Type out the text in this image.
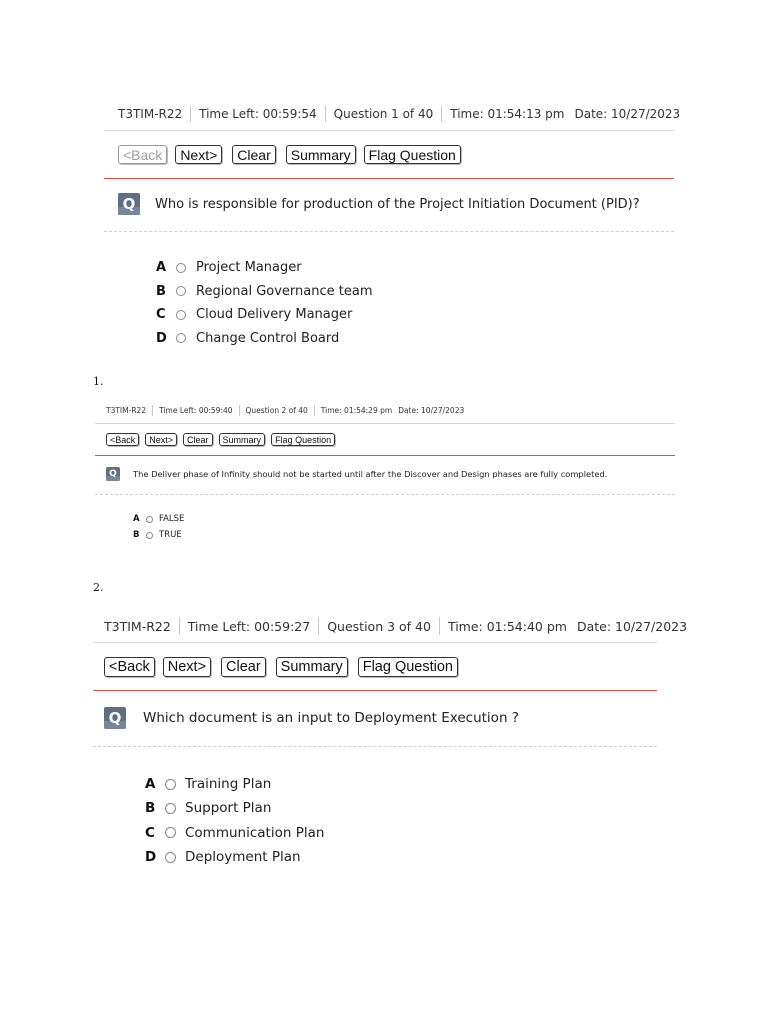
T3TIM-R22 Time Left: 00:59:54 Question 1 of 40 Time: 01:54:13 pm Date: 10/27/2023
<Back	Next>	Clear	Summary	Flag Question
Q Who is responsible for production of the Project Initiation Document (PID)?
A	Project Manager
B	Regional Governance team
C	Cloud Delivery Manager
D	Change Control Board
1.
T3TIM-R22 Time Left: 00:59:40 Question 2 of 40 Time: 01:54:29 pm Date: 10/27/2023
<Back	Next>	Clear	Summary	Flag Question
Q The Deliver phase of Infinity should not be started until after the Discover and Design phases are fully completed.
A	FALSE
B	TRUE
2.
T3TIM-R22 Time Left: 00:59:27 Question 3 of 40 Time: 01:54:40 pm Date: 10/27/2023
<Back	Next>	Clear	Summary	Flag Question
Q Which document is an input to Deployment Execution ?
A	Training Plan
B	Support Plan
C	Communication Plan
D	Deployment Plan
